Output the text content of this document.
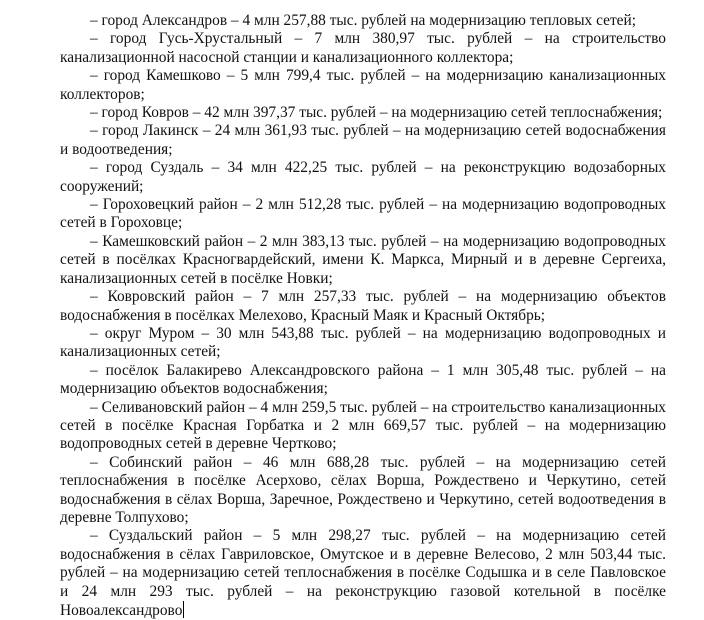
– город Александров – 4 млн 257,88 тыс. рублей на модернизацию тепловых сетей;

– город Гусь-Хрустальный – 7 млн 380,97 тыс. рублей – на строительство канализационной насосной станции и канализационного коллектора;

– город Камешково – 5 млн 799,4 тыс. рублей – на модернизацию канализационных коллекторов;

– город Ковров – 42 млн 397,37 тыс. рублей – на модернизацию сетей теплоснабжения;

– город Лакинск – 24 млн 361,93 тыс. рублей – на модернизацию сетей водоснабжения и водоотведения;

– город Суздаль – 34 млн 422,25 тыс. рублей – на реконструкцию водозаборных сооружений;

– Гороховецкий район – 2 млн 512,28 тыс. рублей – на модернизацию водопроводных сетей в Гороховце;

– Камешковский район – 2 млн 383,13 тыс. рублей – на модернизацию водопроводных сетей в посёлках Красногвардейский, имени К. Маркса, Мирный и в деревне Сергеиха, канализационных сетей в посёлке Новки;

– Ковровский район – 7 млн 257,33 тыс. рублей – на модернизацию объектов водоснабжения в посёлках Мелехово, Красный Маяк и Красный Октябрь;

– округ Муром – 30 млн 543,88 тыс. рублей – на модернизацию водопроводных и канализационных сетей;

– посёлок Балакирево Александровского района – 1 млн 305,48 тыс. рублей – на модернизацию объектов водоснабжения;

– Селивановский район – 4 млн 259,5 тыс. рублей – на строительство канализационных сетей в посёлке Красная Горбатка и 2 млн 669,57 тыс. рублей – на модернизацию водопроводных сетей в деревне Чертково;

– Собинский район – 46 млн 688,28 тыс. рублей – на модернизацию сетей теплоснабжения в посёлке Асерхово, сёлах Ворша, Рождествено и Черкутино, сетей водоснабжения в сёлах Ворша, Заречное, Рождествено и Черкутино, сетей водоотведения в деревне Толпухово;

– Суздальский район – 5 млн 298,27 тыс. рублей – на модернизацию сетей водоснабжения в сёлах Гавриловское, Омутское и в деревне Велесово, 2 млн 503,44 тыс. рублей – на модернизацию сетей теплоснабжения в посёлке Содышка и в селе Павловское и 24 млн 293 тыс. рублей – на реконструкцию газовой котельной в посёлке Новоалександрово
